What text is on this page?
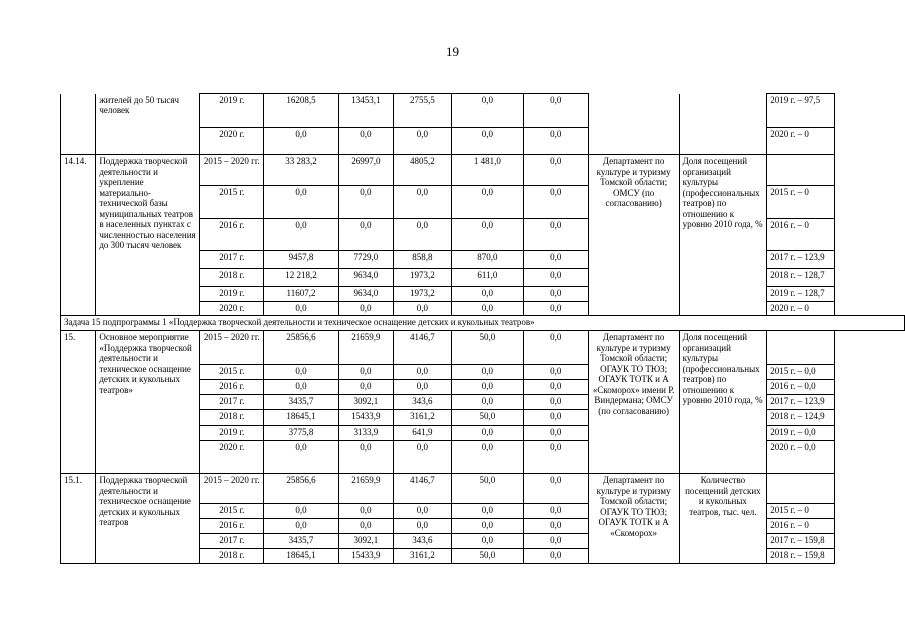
19
	жителей до 50 тысяч человек	2019 г.	16208,5	13453,1	2755,5	0,0	0,0			2019 г. – 97,5
		2020 г.	0,0	0,0	0,0	0,0	0,0			2020 г. – 0
14.14.	Поддержка творческой деятельности и укрепление материально-технической базы муниципальных театров в населенных пунктах с численностью населения до 300 тысяч человек	2015 – 2020 гг.	33 283,2	26997,0	4805,2	1 481,0	0,0	Департамент по культуре и туризму Томской области; ОМСУ (по согласованию)	Доля посещений организаций культуры (профессиональных театров) по отношению к уровню 2010 года, %	
		2015 г.	0,0	0,0	0,0	0,0	0,0			2015 г. – 0
		2016 г.	0,0	0,0	0,0	0,0	0,0			2016 г. – 0
		2017 г.	9457,8	7729,0	858,8	870,0	0,0			2017 г. – 123,9
		2018 г.	12 218,2	9634,0	1973,2	611,0	0,0			2018 г. – 128,7
		2019 г.	11607,2	9634,0	1973,2	0,0	0,0			2019 г. – 128,7
		2020 г.	0,0	0,0	0,0	0,0	0,0			2020 г. – 0
Задача 15 подпрограммы 1 «Поддержка творческой деятельности и техническое оснащение детских и кукольных театров»										
15.	Основное мероприятие «Поддержка творческой деятельности и техническое оснащение детских и кукольных театров»	2015 – 2020 гг.	25856,6	21659,9	4146,7	50,0	0,0	Департамент по культуре и туризму Томской области; ОГАУК ТО ТЮЗ; ОГАУК ТОТК и А «Скоморох» имени Р. Виндермана; ОМСУ (по согласованию)	Доля посещений организаций культуры (профессиональных театров) по отношению к уровню 2010 года, %	
		2015 г.	0,0	0,0	0,0	0,0	0,0			2015 г. – 0,0
		2016 г.	0,0	0,0	0,0	0,0	0,0			2016 г. – 0,0
		2017 г.	3435,7	3092,1	343,6	0,0	0,0			2017 г. – 123,9
		2018 г.	18645,1	15433,9	3161,2	50,0	0,0			2018 г. – 124,9
		2019 г.	3775,8	3133,9	641,9	0,0	0,0			2019 г. – 0,0
		2020 г.	0,0	0,0	0,0	0,0	0,0			2020 г. – 0,0
15.1.	Поддержка творческой деятельности и техническое оснащение детских и кукольных театров	2015 – 2020 гг.	25856,6	21659,9	4146,7	50,0	0,0	Департамент по культуре и туризму Томской области; ОГАУК ТО ТЮЗ; ОГАУК ТОТК и А «Скоморох»	Количество посещений детских и кукольных театров, тыс. чел.	
		2015 г.	0,0	0,0	0,0	0,0	0,0			2015 г. – 0
		2016 г.	0,0	0,0	0,0	0,0	0,0			2016 г. – 0
		2017 г.	3435,7	3092,1	343,6	0,0	0,0			2017 г. – 159,8
		2018 г.	18645,1	15433,9	3161,2	50,0	0,0			2018 г. – 159,8
